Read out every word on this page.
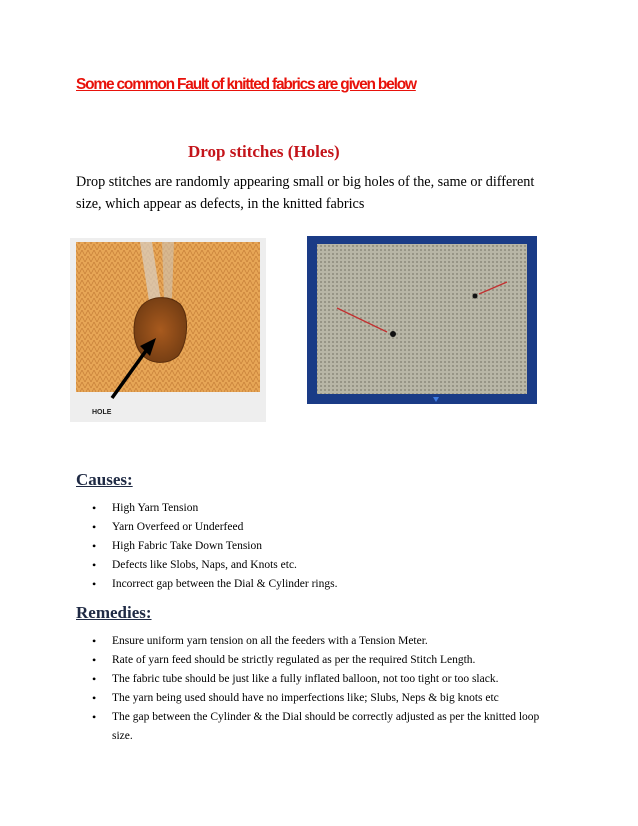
Some common Fault of knitted fabrics are given below
Drop stitches (Holes)
Drop stitches are randomly appearing small or big holes of the, same or different size, which appear as defects, in the knitted fabrics
HOLE
Causes:
• High Yarn Tension
• Yarn Overfeed or Underfeed
• High Fabric Take Down Tension
• Defects like Slobs, Naps, and Knots etc.
• Incorrect gap between the Dial & Cylinder rings.
Remedies:
• Ensure uniform yarn tension on all the feeders with a Tension Meter.
• Rate of yarn feed should be strictly regulated as per the required Stitch Length.
• The fabric tube should be just like a fully inflated balloon, not too tight or too slack.
• The yarn being used should have no imperfections like; Slubs, Neps & big knots etc
• The gap between the Cylinder & the Dial should be correctly adjusted as per the knitted loop size.
